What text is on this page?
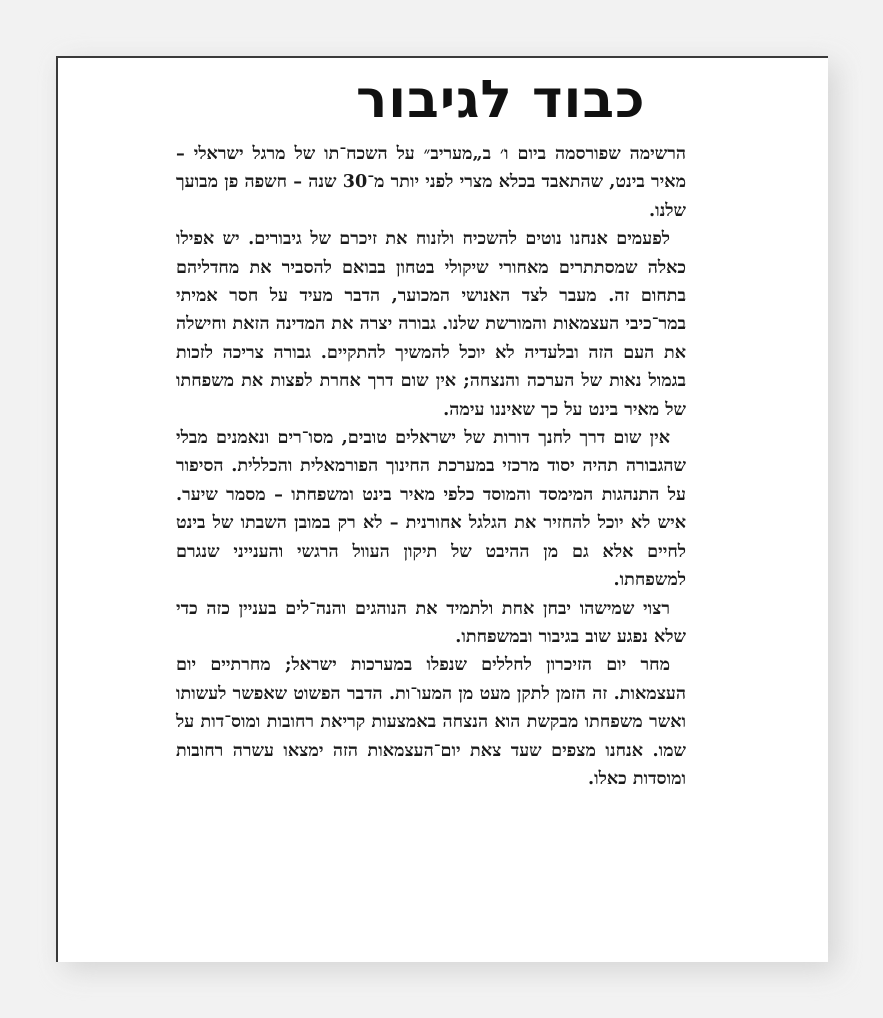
כבוד לגיבור

הרשימה שפורסמה ביום ו׳ ב„מעריב״ על השכח־תו של מרגל ישראלי – מאיר בינט, שהתאבד בכלא מצרי לפני יותר מ־30 שנה – חשפה פן מבועך שלנו.

לפעמים אנחנו נוטים להשכיח ולזנוח את זיכרם של גיבורים. יש אפילו כאלה שמסתתרים מאחורי שיקולי בטחון בבואם להסביר את מחדליהם בתחום זה. מעבר לצד האנושי המכוער, הדבר מעיד על חסר אמיתי במר־כיבי העצמאות והמורשת שלנו. גבורה יצרה את המדינה הזאת וחישלה את העם הזה ובלעדיה לא יוכל להמשיך להתקיים. גבורה צריכה לזכות בגמול נאות של הערכה והנצחה; אין שום דרך אחרת לפצות את משפחתו של מאיר בינט על כך שאיננו עימה.

אין שום דרך לחנך דורות של ישראלים טובים, מסו־רים ונאמנים מבלי שהגבורה תהיה יסוד מרכזי במערכת החינוך הפורמאלית והכללית. הסיפור על התנהגות המימסד והמוסד כלפי מאיר בינט ומשפחתו – מסמר שיער. איש לא יוכל להחזיר את הגלגל אחורנית – לא רק במובן השבתו של בינט לחיים אלא גם מן ההיבט של תיקון העוול הרגשי והענייני שנגרם למשפחתו.

רצוי שמישהו יבחן אחת ולתמיד את הנוהגים והנה־לים בעניין כזה כדי שלא נפגע שוב בגיבור ובמשפחתו.

מחר יום הזיכרון לחללים שנפלו במערכות ישראל; מחרתיים יום העצמאות. זה הזמן לתקן מעט מן המעו־ות. הדבר הפשוט שאפשר לעשותו ואשר משפחתו מבקשת הוא הנצחה באמצעות קריאת רחובות ומוס־דות על שמו. אנחנו מצפים שעד צאת יום־העצמאות הזה ימצאו עשרה רחובות ומוסדות כאלו.
